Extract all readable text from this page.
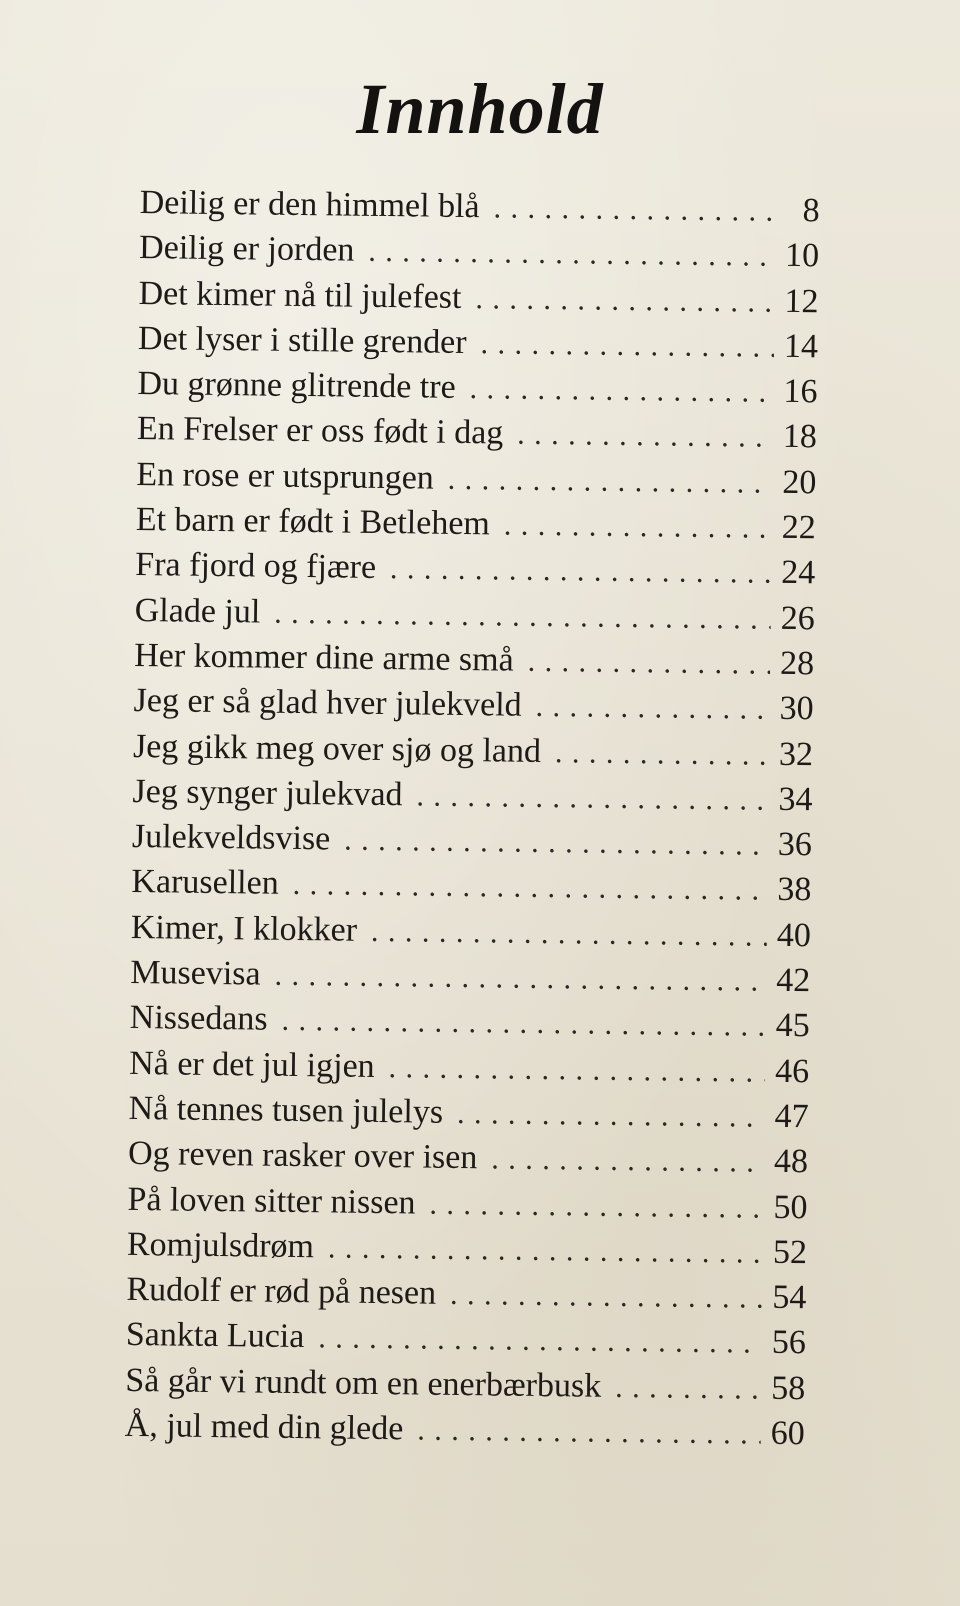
Innhold
Deilig er den himmel blå . . .	8
Deilig er jorden . . .	10
Det kimer nå til julefest . . .	12
Det lyser i stille grender . . .	14
Du grønne glitrende tre . . .	16
En Frelser er oss født i dag . . .	18
En rose er utsprungen . . .	20
Et barn er født i Betlehem . . .	22
Fra fjord og fjære . . .	24
Glade jul . . .	26
Her kommer dine arme små . . .	28
Jeg er så glad hver julekveld . . .	30
Jeg gikk meg over sjø og land . . .	32
Jeg synger julekvad . . .	34
Julekveldsvise . . .	36
Karusellen . . .	38
Kimer, I klokker . . .	40
Musevisa . . .	42
Nissedans . . .	45
Nå er det jul igjen . . .	46
Nå tennes tusen julelys . . .	47
Og reven rasker over isen . . .	48
På loven sitter nissen . . .	50
Romjulsdrøm . . .	52
Rudolf er rød på nesen . . .	54
Sankta Lucia . . .	56
Så går vi rundt om en enerbærbusk . . .	58
Å, jul med din glede . . .	60
